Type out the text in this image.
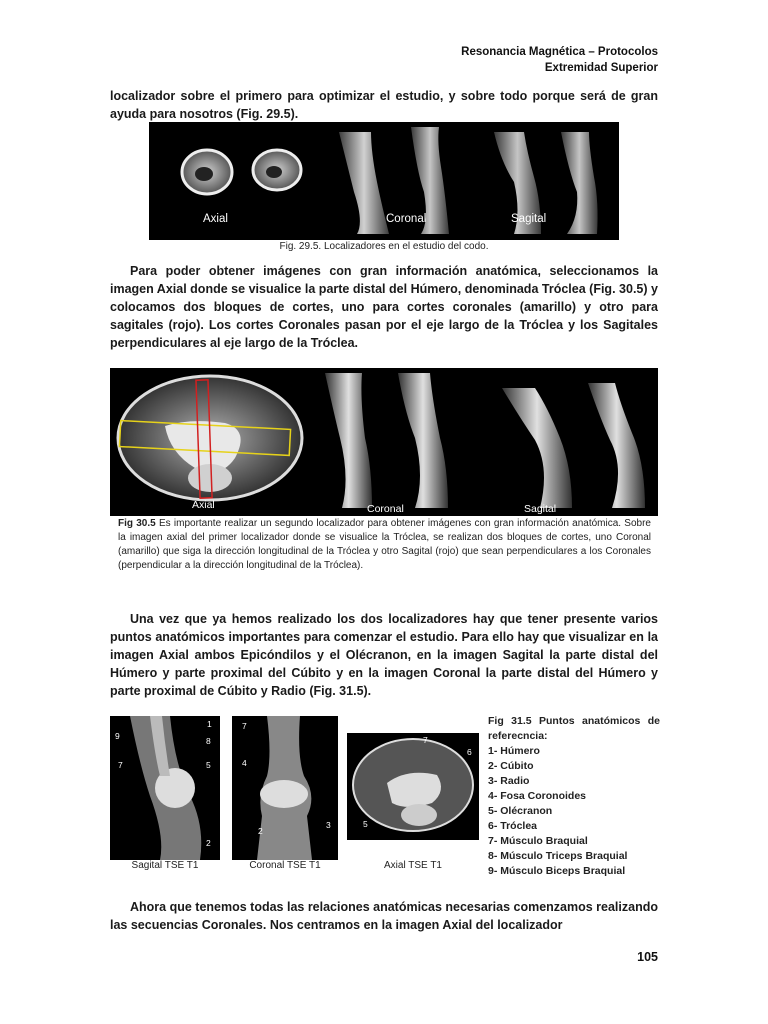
Resonancia Magnética – Protocolos
Extremidad Superior
localizador sobre el primero para optimizar el estudio, y sobre todo porque será de gran ayuda para nosotros (Fig. 29.5).
Axial	Coronal	Sagital
Fig. 29.5. Localizadores en el estudio del codo.
Para poder obtener imágenes con gran información anatómica, seleccionamos la imagen Axial donde se visualice la parte distal del Húmero, denominada Tróclea (Fig. 30.5) y colocamos dos bloques de cortes, uno para cortes coronales (amarillo) y otro para sagitales (rojo). Los cortes Coronales pasan por el eje largo de la Tróclea y los Sagitales perpendiculares al eje largo de la Tróclea.
Axial	Coronal	Sagital
Fig 30.5 Es importante realizar un segundo localizador para obtener imágenes con gran información anatómica. Sobre la imagen axial del primer localizador donde se visualice la Tróclea, se realizan dos bloques de cortes, uno Coronal (amarillo) que siga la dirección longitudinal de la Tróclea y otro Sagital (rojo) que sean perpendiculares a los Coronales (perpendicular a la dirección longitudinal de la Tróclea).
Una vez que ya hemos realizado los dos localizadores hay que tener presente varios puntos anatómicos importantes para comenzar el estudio. Para ello hay que visualizar en la imagen Axial ambos Epicóndilos y el Olécranon, en la imagen Sagital la parte distal del Húmero y parte proximal del Cúbito y en la imagen Coronal la parte distal del Húmero y parte proximal de Cúbito y Radio (Fig. 31.5).
1
9	8
7	5
2
7
4
2
3
7
6
5
Sagital TSE T1	Coronal TSE T1	Axial TSE T1
Fig 31.5 Puntos anatómicos de referecncia:
1- Húmero
2- Cúbito
3- Radio
4- Fosa Coronoides
5- Olécranon
6- Tróclea
7- Músculo Braquial
8- Músculo Triceps Braquial
9- Músculo Biceps Braquial
Ahora que tenemos todas las relaciones anatómicas necesarias comenzamos realizando las secuencias Coronales. Nos centramos en la imagen Axial del localizador
105
